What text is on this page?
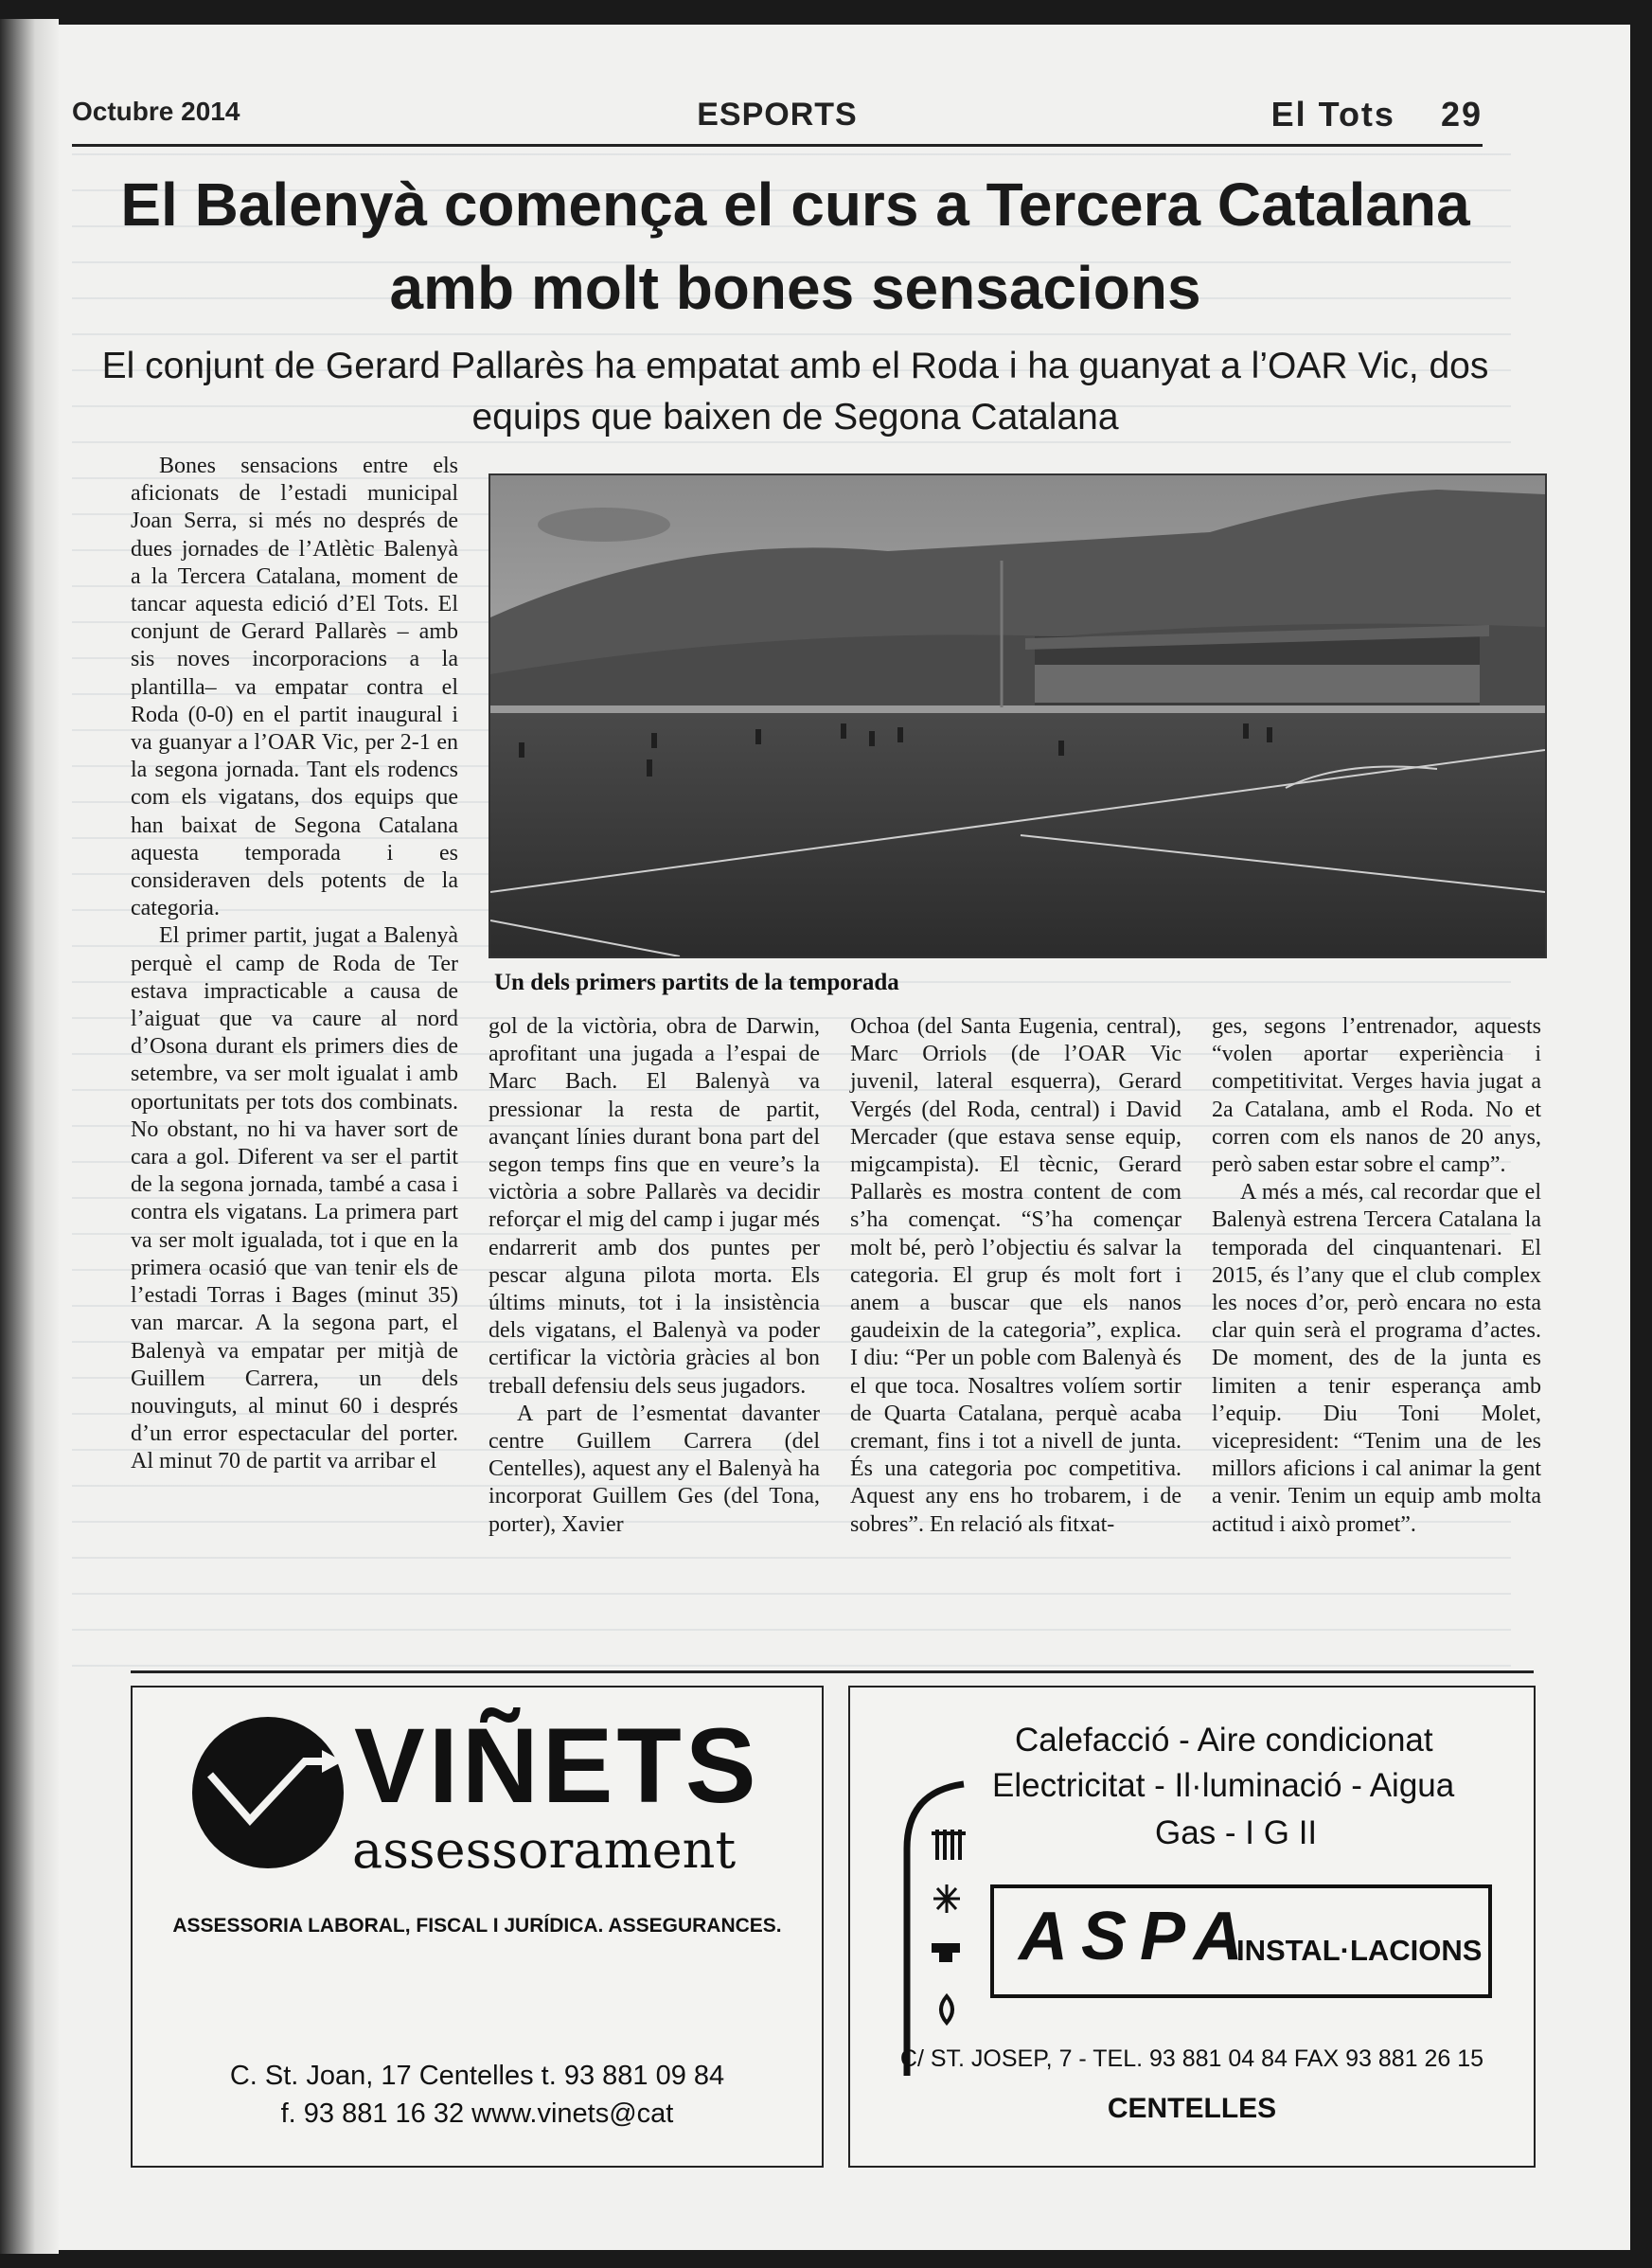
Octubre 2014	ESPORTS	El Tots 29
El Balenyà comença el curs a Tercera Catalana amb molt bones sensacions
El conjunt de Gerard Pallarès ha empatat amb el Roda i ha guanyat a l’OAR Vic, dos equips que baixen de Segona Catalana

Bones sensacions entre els aficionats de l’estadi municipal Joan Serra, si més no després de dues jornades de l’Atlètic Balenyà a la Tercera Catalana, moment de tancar aquesta edició d’El Tots. El conjunt de Gerard Pallarès – amb sis noves incorporacions a la plantilla– va empatar contra el Roda (0-0) en el partit inaugural i va guanyar a l’OAR Vic, per 2-1 en la segona jornada. Tant els rodencs com els vigatans, dos equips que han baixat de Segona Catalana aquesta temporada i es consideraven dels potents de la categoria.

El primer partit, jugat a Balenyà perquè el camp de Roda de Ter estava impracticable a causa de l’aiguat que va caure al nord d’Osona durant els primers dies de setembre, va ser molt igualat i amb oportunitats per tots dos combinats. No obstant, no hi va haver sort de cara a gol. Diferent va ser el partit de la segona jornada, també a casa i contra els vigatans. La primera part va ser molt igualada, tot i que en la primera ocasió que van tenir els de l’estadi Torras i Bages (minut 35) van marcar. A la segona part, el Balenyà va empatar per mitjà de Guillem Carrera, un dels nouvinguts, al minut 60 i després d’un error espectacular del porter. Al minut 70 de partit va arribar el

Un dels primers partits de la temporada

gol de la victòria, obra de Darwin, aprofitant una jugada a l’espai de Marc Bach. El Balenyà va pressionar la resta de partit, avançant línies durant bona part del segon temps fins que en veure’s la victòria a sobre Pallarès va decidir reforçar el mig del camp i jugar més endarrerit amb dos puntes per pescar alguna pilota morta. Els últims minuts, tot i la insistència dels vigatans, el Balenyà va poder certificar la victòria gràcies al bon treball defensiu dels seus jugadors.

A part de l’esmentat davanter centre Guillem Carrera (del Centelles), aquest any el Balenyà ha incorporat Guillem Ges (del Tona, porter), Xavier

Ochoa (del Santa Eugenia, central), Marc Orriols (de l’OAR Vic juvenil, lateral esquerra), Gerard Vergés (del Roda, central) i David Mercader (que estava sense equip, migcampista). El tècnic, Gerard Pallarès es mostra content de com s’ha començat. “S’ha començar molt bé, però l’objectiu és salvar la categoria. El grup és molt fort i anem a buscar que els nanos gaudeixin de la categoria”, explica. I diu: “Per un poble com Balenyà és el que toca. Nosaltres volíem sortir de Quarta Catalana, perquè acaba cremant, fins i tot a nivell de junta. És una categoria poc competitiva. Aquest any ens ho trobarem, i de sobres”. En relació als fitxat-

ges, segons l’entrenador, aquests “volen aportar experiència i competitivitat. Verges havia jugat a 2a Catalana, amb el Roda. No et corren com els nanos de 20 anys, però saben estar sobre el camp”.

A més a més, cal recordar que el Balenyà estrena Tercera Catalana la temporada del cinquantenari. El 2015, és l’any que el club complex les noces d’or, però encara no esta clar quin serà el programa d’actes. De moment, des de la junta es limiten a tenir esperança amb l’equip. Diu Toni Molet, vicepresident: “Tenim una de les millors aficions i cal animar la gent a venir. Tenim un equip amb molta actitud i això promet”.

VIÑETS
assessorament
ASSESSORIA LABORAL, FISCAL I JURÍDICA. ASSEGURANCES.
C. St. Joan, 17 Centelles t. 93 881 09 84
f. 93 881 16 32 www.vinets@cat
Calefacció - Aire condicionat
Electricitat - Il·luminació - Aigua
Gas - I G II
ASPA
INSTAL·LACIONS
C/ ST. JOSEP, 7 - TEL. 93 881 04 84 FAX 93 881 26 15
CENTELLES
